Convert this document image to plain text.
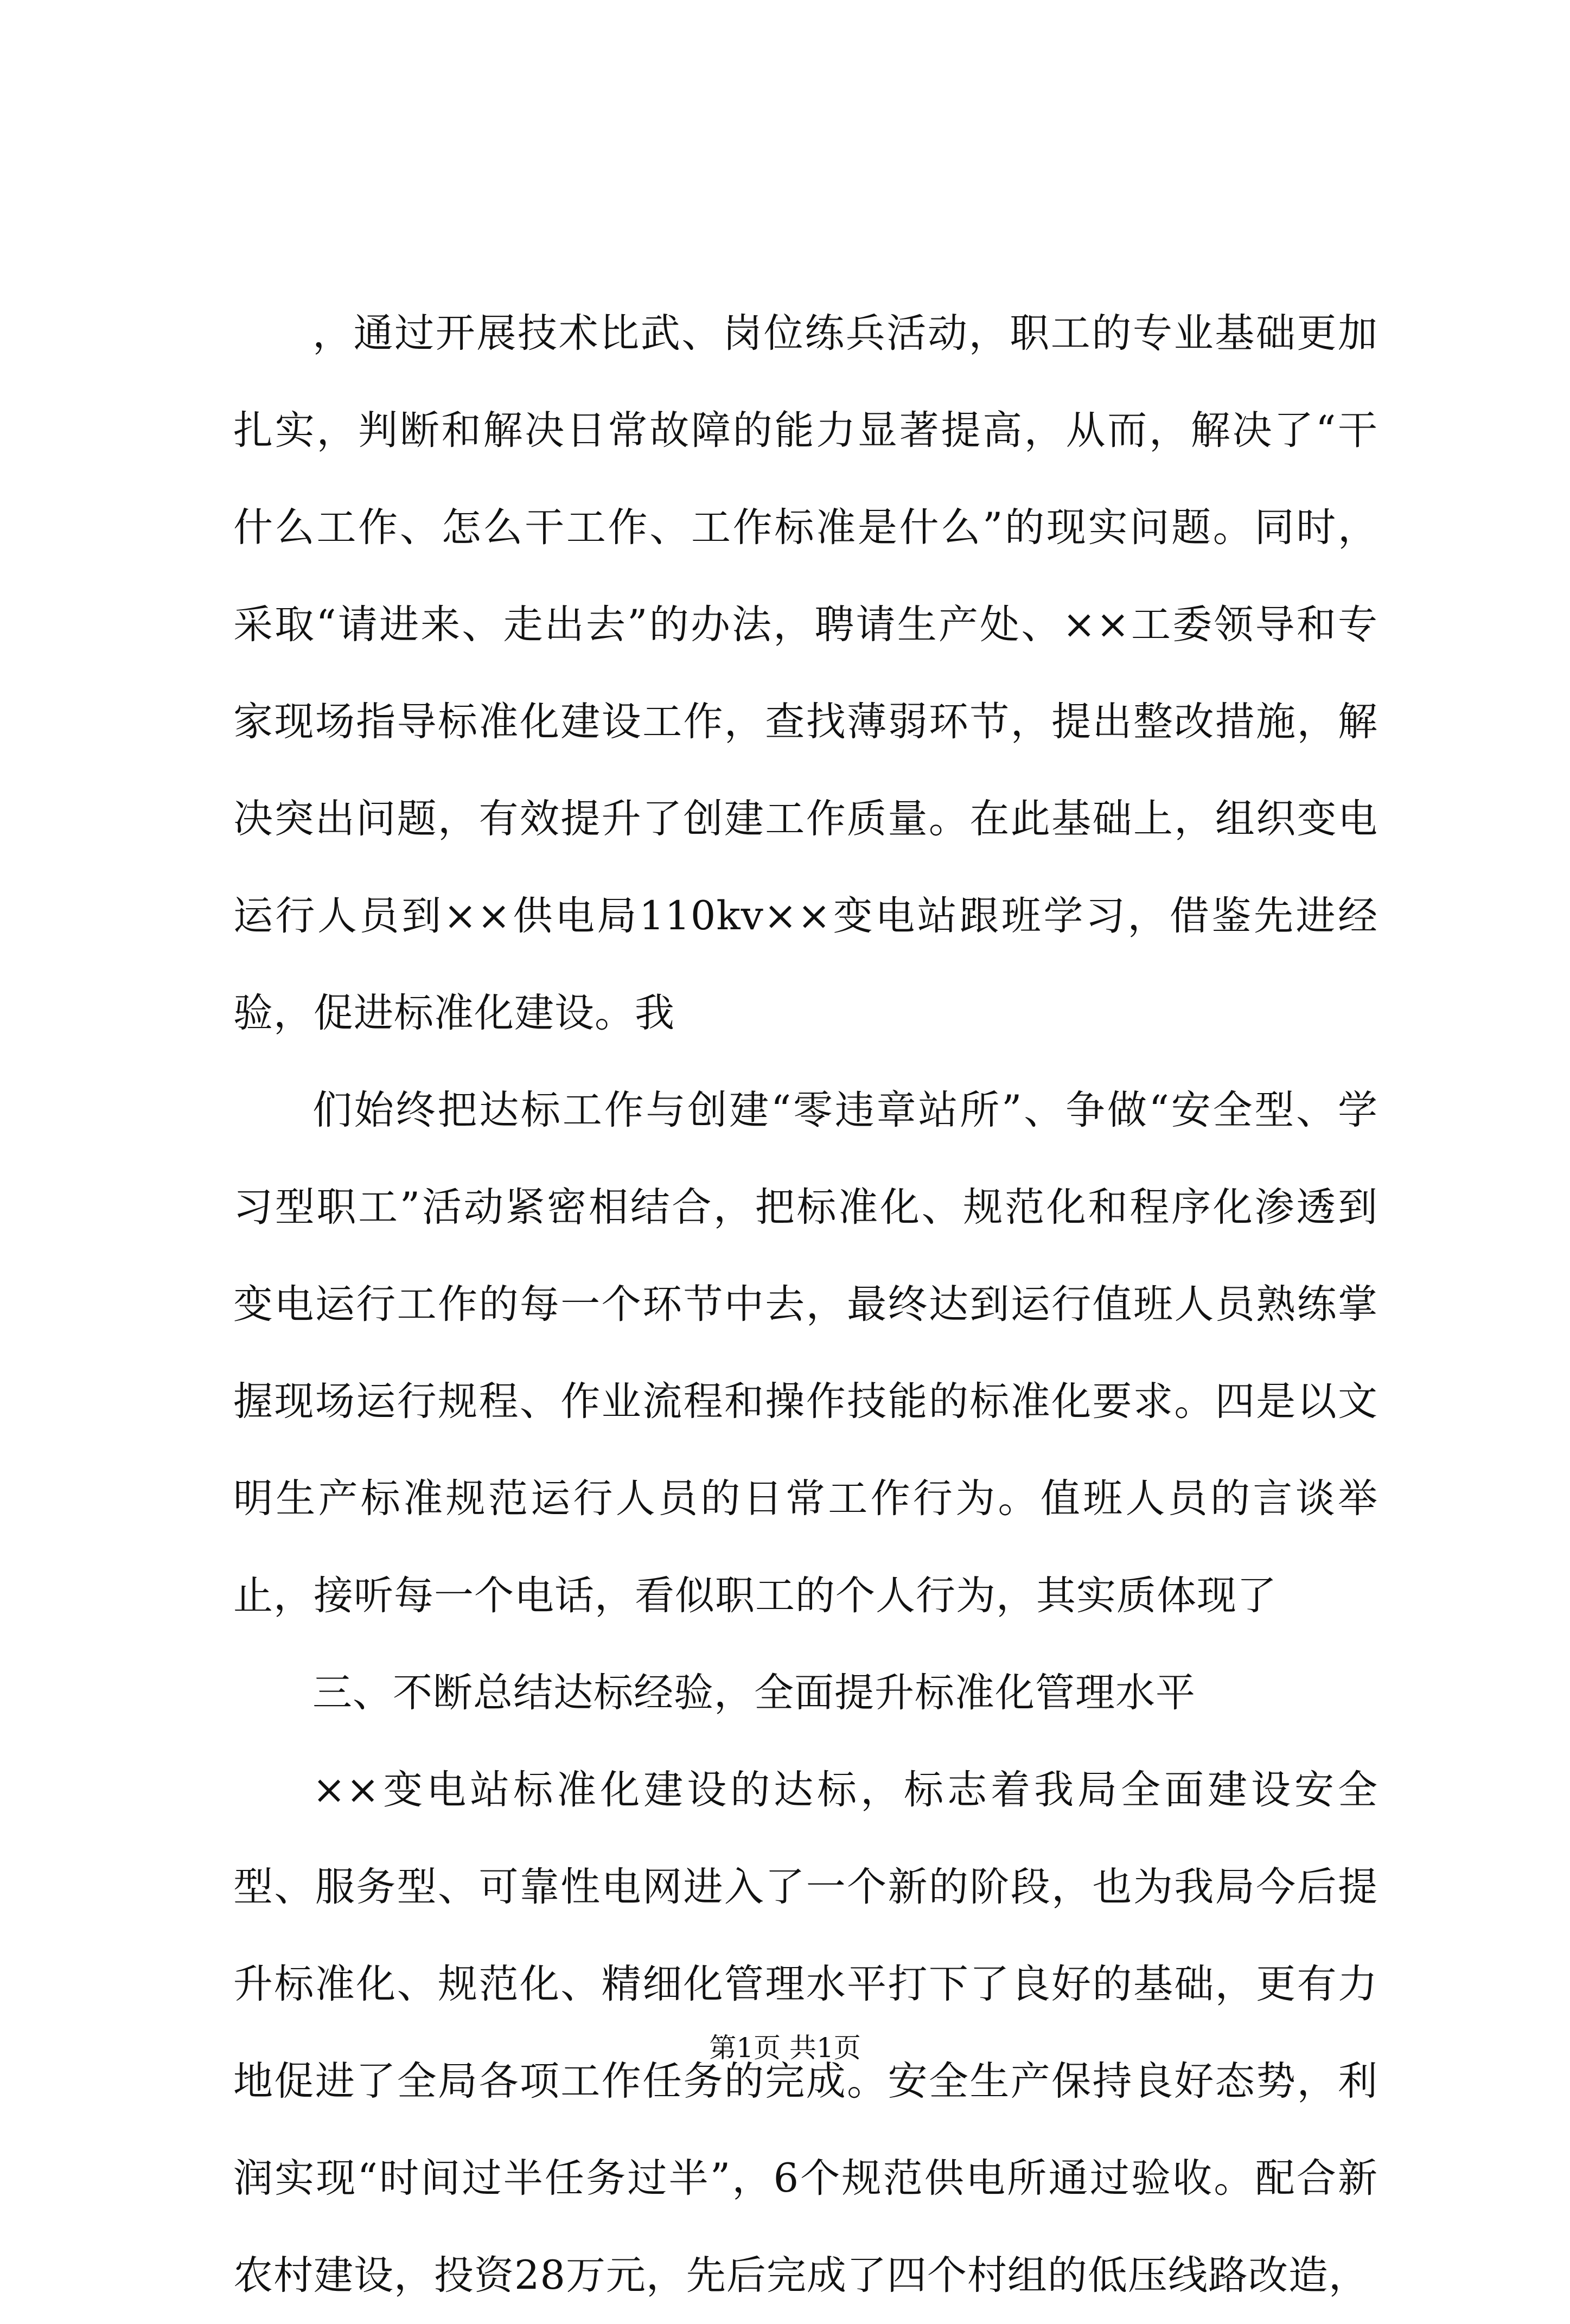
，通过开展技术比武、岗位练兵活动，职工的专业基础更加扎实，判断和解决日常故障的能力显著提高，从而，解决了“干什么工作、怎么干工作、工作标准是什么”的现实问题。同时，采取“请进来、走出去”的办法，聘请生产处、××工委领导和专家现场指导标准化建设工作，查找薄弱环节，提出整改措施，解决突出问题，有效提升了创建工作质量。在此基础上，组织变电运行人员到××供电局110kv××变电站跟班学习，借鉴先进经验，促进标准化建设。我

们始终把达标工作与创建“零违章站所”、争做“安全型、学习型职工”活动紧密相结合，把标准化、规范化和程序化渗透到变电运行工作的每一个环节中去，最终达到运行值班人员熟练掌握现场运行规程、作业流程和操作技能的标准化要求。四是以文明生产标准规范运行人员的日常工作行为。值班人员的言谈举止，接听每一个电话，看似职工的个人行为，其实质体现了

三、不断总结达标经验，全面提升标准化管理水平

××变电站标准化建设的达标，标志着我局全面建设安全型、服务型、可靠性电网进入了一个新的阶段，也为我局今后提升标准化、规范化、精细化管理水平打下了良好的基础，更有力地促进了全局各项工作任务的完成。安全生产保持良好态势，利润实现“时间过半任务过半”，6个规范供电所通过验收。配合新农村建设，投资28万元，先后完成了四个村组的低压线路改造，

第1页 共1页
